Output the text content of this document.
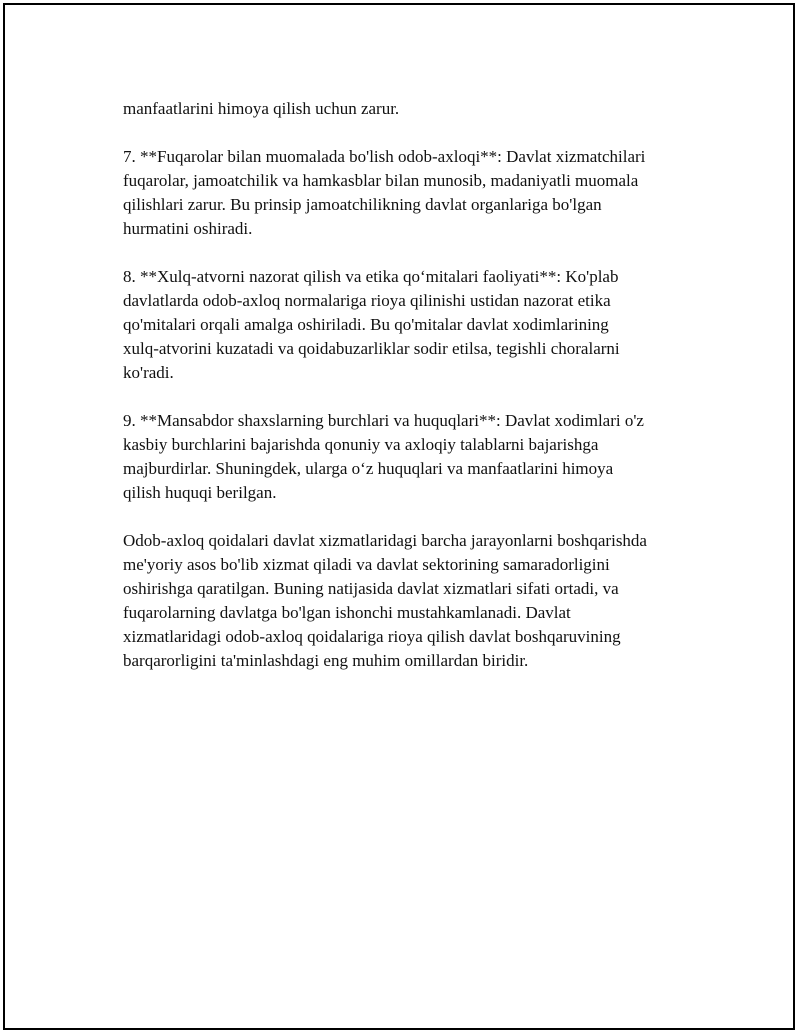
manfaatlarini himoya qilish uchun zarur.

7. **Fuqarolar bilan muomalada bo'lish odob-axloqi**: Davlat xizmatchilari
fuqarolar, jamoatchilik va hamkasblar bilan munosib, madaniyatli muomala
qilishlari zarur. Bu prinsip jamoatchilikning davlat organlariga bo'lgan
hurmatini oshiradi.

8. **Xulq-atvorni nazorat qilish va etika qo‘mitalari faoliyati**: Ko'plab
davlatlarda odob-axloq normalariga rioya qilinishi ustidan nazorat etika
qo'mitalari orqali amalga oshiriladi. Bu qo'mitalar davlat xodimlarining
xulq-atvorini kuzatadi va qoidabuzarliklar sodir etilsa, tegishli choralarni
ko'radi.

9. **Mansabdor shaxslarning burchlari va huquqlari**: Davlat xodimlari o'z
kasbiy burchlarini bajarishda qonuniy va axloqiy talablarni bajarishga
majburdirlar. Shuningdek, ularga o‘z huquqlari va manfaatlarini himoya
qilish huquqi berilgan.

Odob-axloq qoidalari davlat xizmatlaridagi barcha jarayonlarni boshqarishda
me'yoriy asos bo'lib xizmat qiladi va davlat sektorining samaradorligini
oshirishga qaratilgan. Buning natijasida davlat xizmatlari sifati ortadi, va
fuqarolarning davlatga bo'lgan ishonchi mustahkamlanadi. Davlat
xizmatlaridagi odob-axloq qoidalariga rioya qilish davlat boshqaruvining
barqarorligini ta'minlashdagi eng muhim omillardan biridir.
